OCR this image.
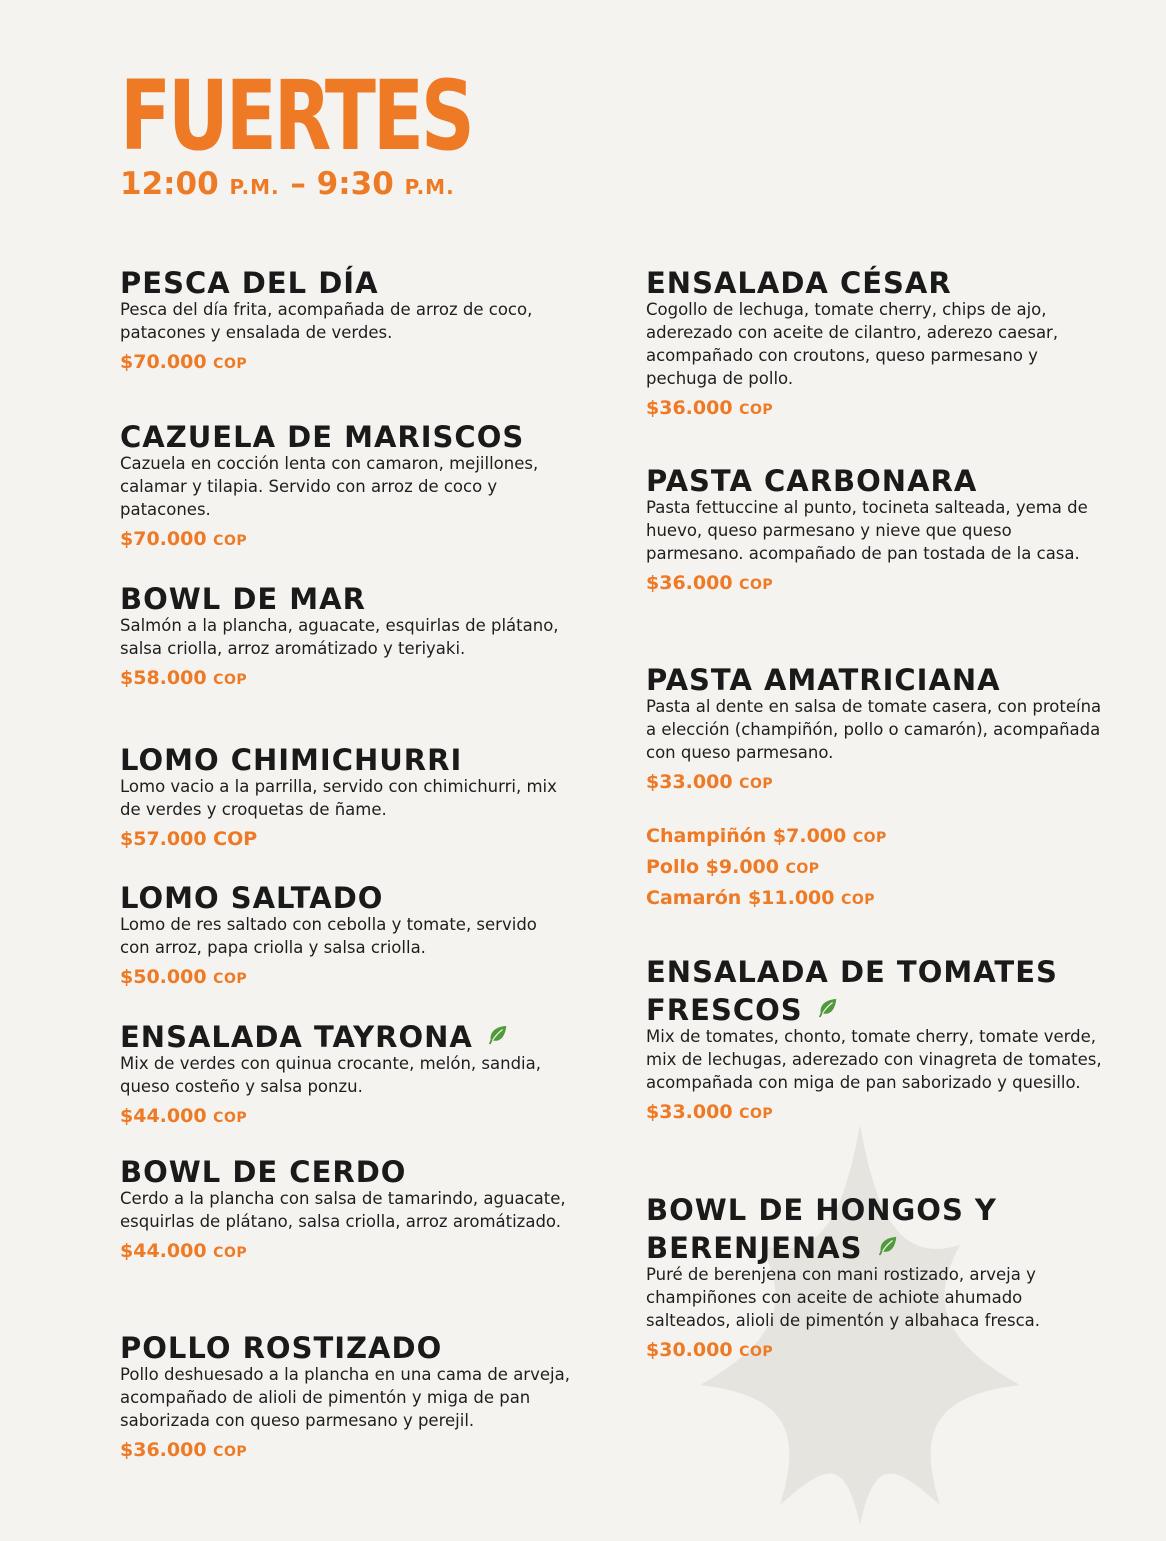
FUERTES
12:00 P.M. – 9:30 P.M.
PESCA DEL DÍA
Pesca del día frita, acompañada de arroz de coco, patacones y ensalada de verdes.
$70.000 COP
CAZUELA DE MARISCOS
Cazuela en cocción lenta con camaron, mejillones, calamar y tilapia. Servido con arroz de coco y patacones.
$70.000 COP
BOWL DE MAR
Salmón a la plancha, aguacate, esquirlas de plátano, salsa criolla, arroz aromátizado y teriyaki.
$58.000 COP
LOMO CHIMICHURRI
Lomo vacio a la parrilla, servido con chimichurri, mix de verdes y croquetas de ñame.
$57.000 COP
LOMO SALTADO
Lomo de res saltado con cebolla y tomate, servido con arroz, papa criolla y salsa criolla.
$50.000 COP
ENSALADA TAYRONA
Mix de verdes con quinua crocante, melón, sandia, queso costeño y salsa ponzu.
$44.000 COP
BOWL DE CERDO
Cerdo a la plancha con salsa de tamarindo, aguacate, esquirlas de plátano, salsa criolla, arroz aromátizado.
$44.000 COP
POLLO ROSTIZADO
Pollo deshuesado a la plancha en una cama de arveja, acompañado de alioli de pimentón y miga de pan saborizada con queso parmesano y perejil.
$36.000 COP
ENSALADA CÉSAR
Cogollo de lechuga, tomate cherry, chips de ajo, aderezado con aceite de cilantro, aderezo caesar, acompañado con croutons, queso parmesano y pechuga de pollo.
$36.000 COP
PASTA CARBONARA
Pasta fettuccine al punto, tocineta salteada, yema de huevo, queso parmesano y nieve que queso parmesano. acompañado de pan tostada de la casa.
$36.000 COP
PASTA AMATRICIANA
Pasta al dente en salsa de tomate casera, con proteína a elección (champiñón, pollo o camarón), acompañada con queso parmesano.
$33.000 COP
Champiñón $7.000 COP
Pollo $9.000 COP
Camarón $11.000 COP
ENSALADA DE TOMATES FRESCOS
Mix de tomates, chonto, tomate cherry, tomate verde, mix de lechugas, aderezado con vinagreta de tomates, acompañada con miga de pan saborizado y quesillo.
$33.000 COP
BOWL DE HONGOS Y BERENJENAS
Puré de berenjena con mani rostizado, arveja y champiñones con aceite de achiote ahumado salteados, alioli de pimentón y albahaca fresca.
$30.000 COP
